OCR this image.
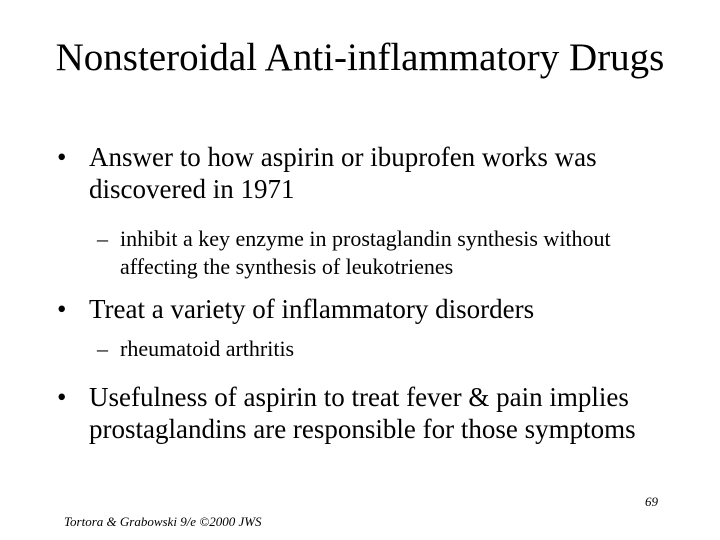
Nonsteroidal Anti-inflammatory Drugs
• Answer to how aspirin or ibuprofen works was discovered in 1971
– inhibit a key enzyme in prostaglandin synthesis without affecting the synthesis of leukotrienes
• Treat a variety of inflammatory disorders
– rheumatoid arthritis
• Usefulness of aspirin to treat fever & pain implies prostaglandins are responsible for those symptoms
69
Tortora & Grabowski 9/e ©2000 JWS
